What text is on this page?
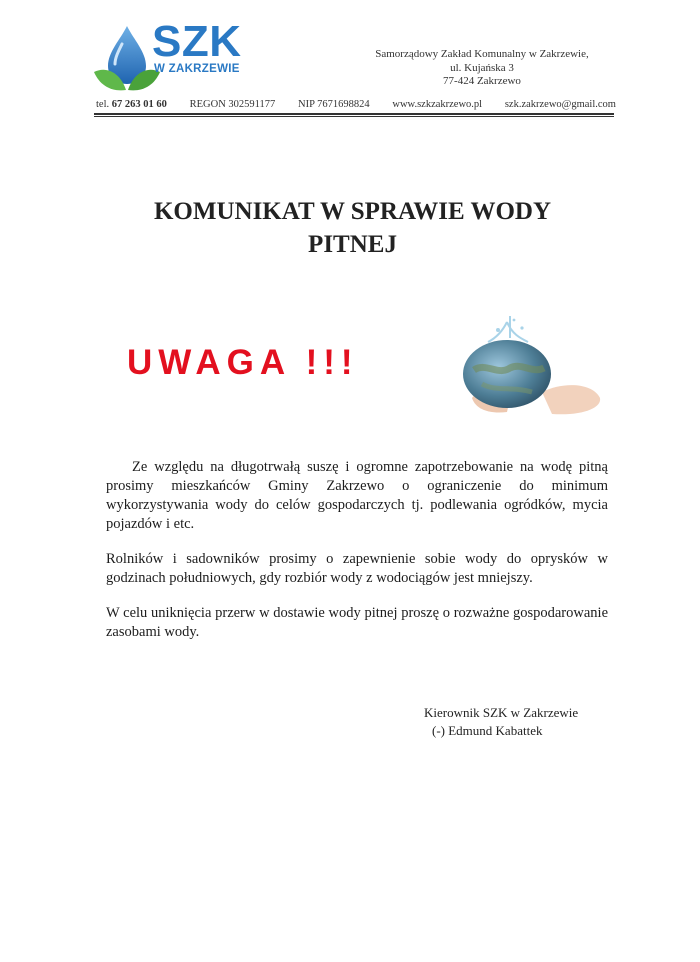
SZK
W ZAKRZEWIE
Samorządowy Zakład Komunalny w Zakrzewie,
ul. Kujańska 3
77-424 Zakrzewo
tel. 67 263 01 60 REGON 302591177 NIP 7671698824 www.szkzakrzewo.pl szk.zakrzewo@gmail.com
KOMUNIKAT W SPRAWIE WODY
PITNEJ
UWAGA !!!

Ze względu na długotrwałą suszę i ogromne zapotrzebowanie na wodę pitną prosimy mieszkańców Gminy Zakrzewo o ograniczenie do minimum wykorzystywania wody do celów gospodarczych tj. podlewania ogródków, mycia pojazdów i etc.

Rolników i sadowników prosimy o zapewnienie sobie wody do oprysków w godzinach południowych, gdy rozbiór wody z wodociągów jest mniejszy.

W celu uniknięcia przerw w dostawie wody pitnej proszę o rozważne gospodarowanie zasobami wody.

Kierownik SZK w Zakrzewie
(-) Edmund Kabattek
